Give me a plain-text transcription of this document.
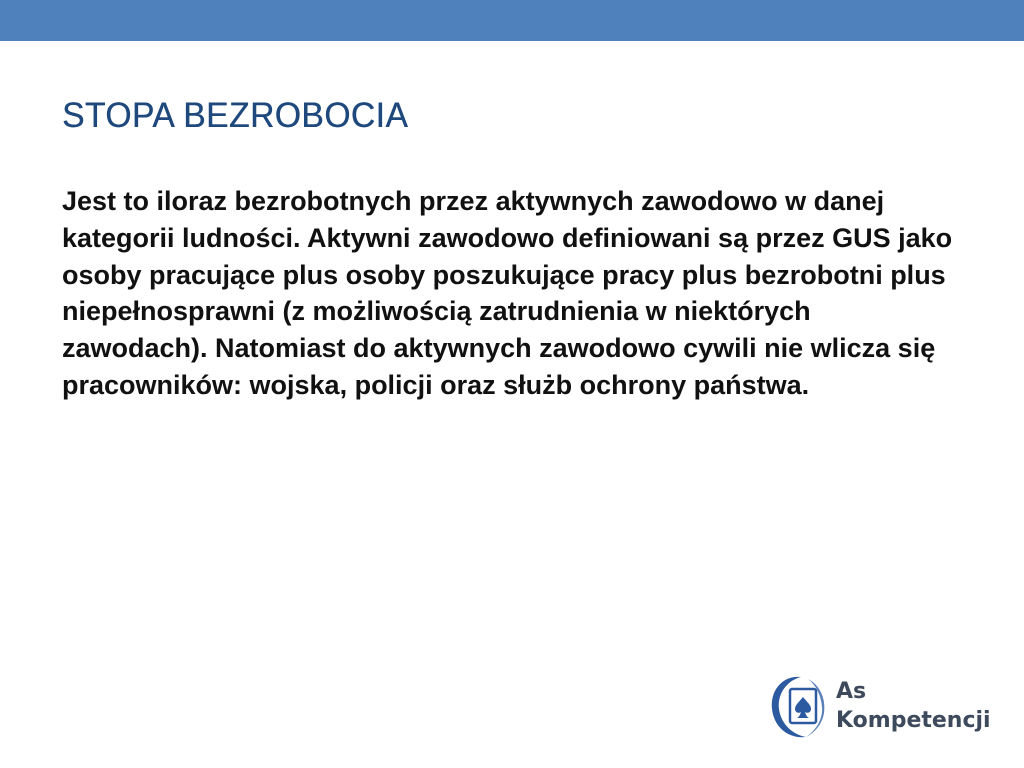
STOPA BEZROBOCIA

Jest to iloraz bezrobotnych przez aktywnych zawodowo w danej kategorii ludności. Aktywni zawodowo definiowani są przez GUS jako osoby pracujące plus osoby poszukujące pracy plus bezrobotni plus niepełnosprawni (z możliwością zatrudnienia w niektórych zawodach). Natomiast do aktywnych zawodowo cywili nie wlicza się pracowników: wojska, policji oraz służb ochrony państwa.

As
Kompetencji
